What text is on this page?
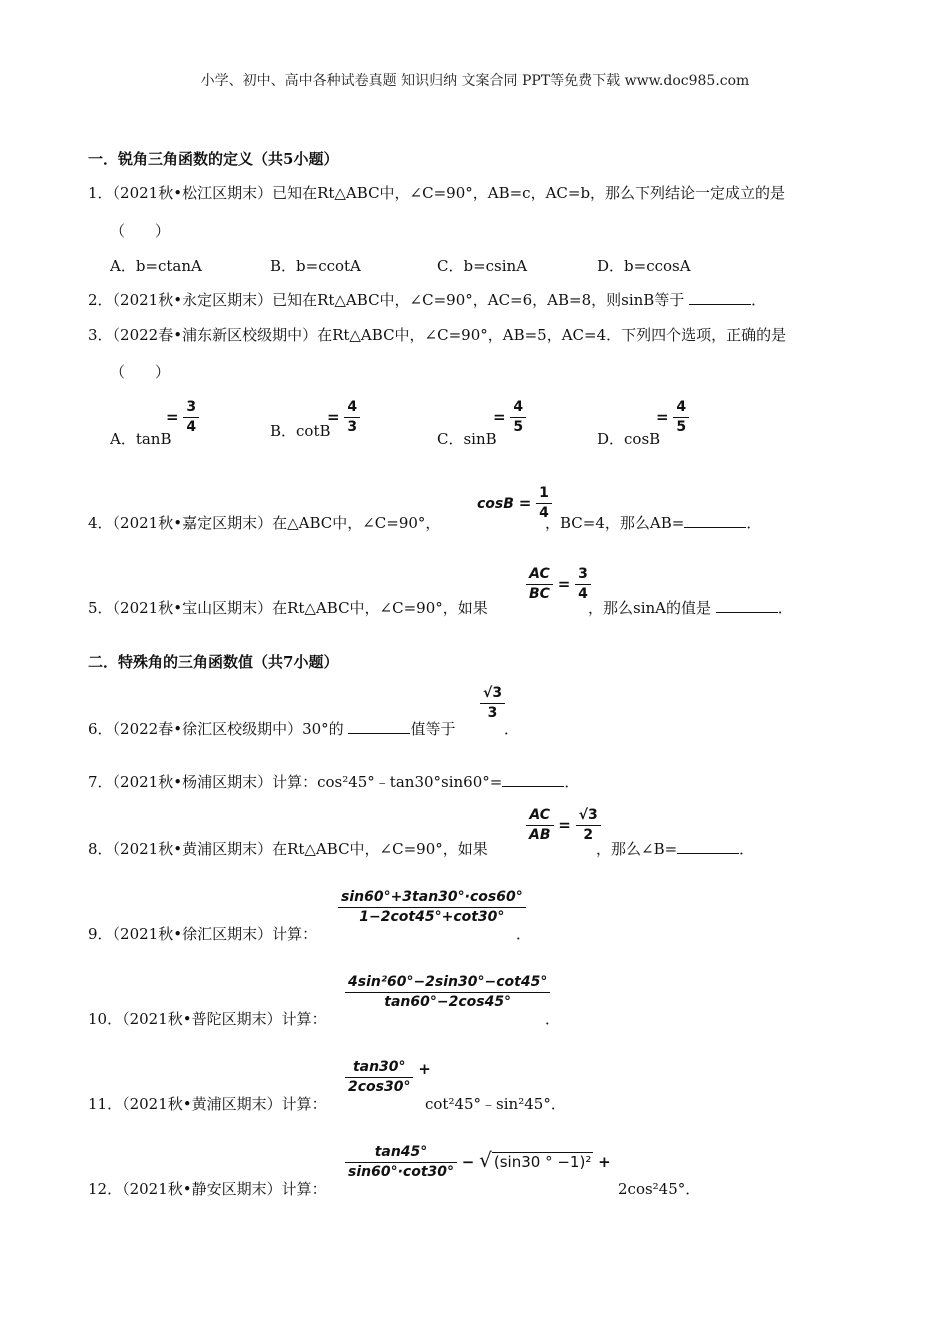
小学、初中、高中各种试卷真题 知识归纳 文案合同 PPT等免费下载 www.doc985.com
一．锐角三角函数的定义（共5小题）
1．（2021秋•松江区期末）已知在Rt△ABC中，∠C=90°，AB=c，AC=b，那么下列结论一定成立的是
（　　）
A．b=ctanA	B．b=ccotA	C．b=csinA	D．b=ccosA
2．（2021秋•永定区期末）已知在Rt△ABC中，∠C=90°，AC=6，AB=8，则sinB等于	．
3．（2022春•浦东新区校级期中）在Rt△ABC中，∠C=90°，AB=5，AC=4．下列四个选项，正确的是
（　　）
A．tanB
= $\frac{3}{4}$	B．cotB
= $\frac{4}{3}$
C．sinB
= $\frac{4}{5}$
D．cosB
= $\frac{4}{5}$
4．（2021秋•嘉定区期末）在△ABC中，∠C=90°，
$\cos B = \frac{1}{4}$
，BC=4，那么AB=	．
5．（2021秋•宝山区期末）在Rt△ABC中，∠C=90°，如果
$\frac{AC}{BC} = \frac{3}{4}$
，那么sinA的值是	．
二．特殊角的三角函数值（共7小题）
6．（2022春•徐汇区校级期中）30°的	值等于
$\frac{√3}{3}$
．
7．（2021秋•杨浦区期末）计算：cos²45°﹣tan30°sin60°=	．
8．（2021秋•黄浦区期末）在Rt△ABC中，∠C=90°，如果
$\frac{AC}{AB} = \frac{√3}{2}$
，那么∠B=	．
9．（2021秋•徐汇区期末）计算：
$\frac{\sin 60^\circ+3\tan 30^\circ\cdot\cos 60^\circ}{1-2\cot 45^\circ+\cot 30^\circ}$
．
10．（2021秋•普陀区期末）计算：
$\frac{\text{4sin²60°−2sin30°−cot45°}}{\tan 60^\circ-2\cos 45^\circ}$
．
11．（2021秋•黄浦区期末）计算：
$\frac{\tan 30^\circ}{2\cos 30^\circ}$ +
cot²45°﹣sin²45°．
12．（2021秋•静安区期末）计算：
$\frac{\tan 45^\circ}{\sin 60^\circ\cdot\cot 30^\circ}$ − √ (sin30 ° −1)² +
2cos²45°．
